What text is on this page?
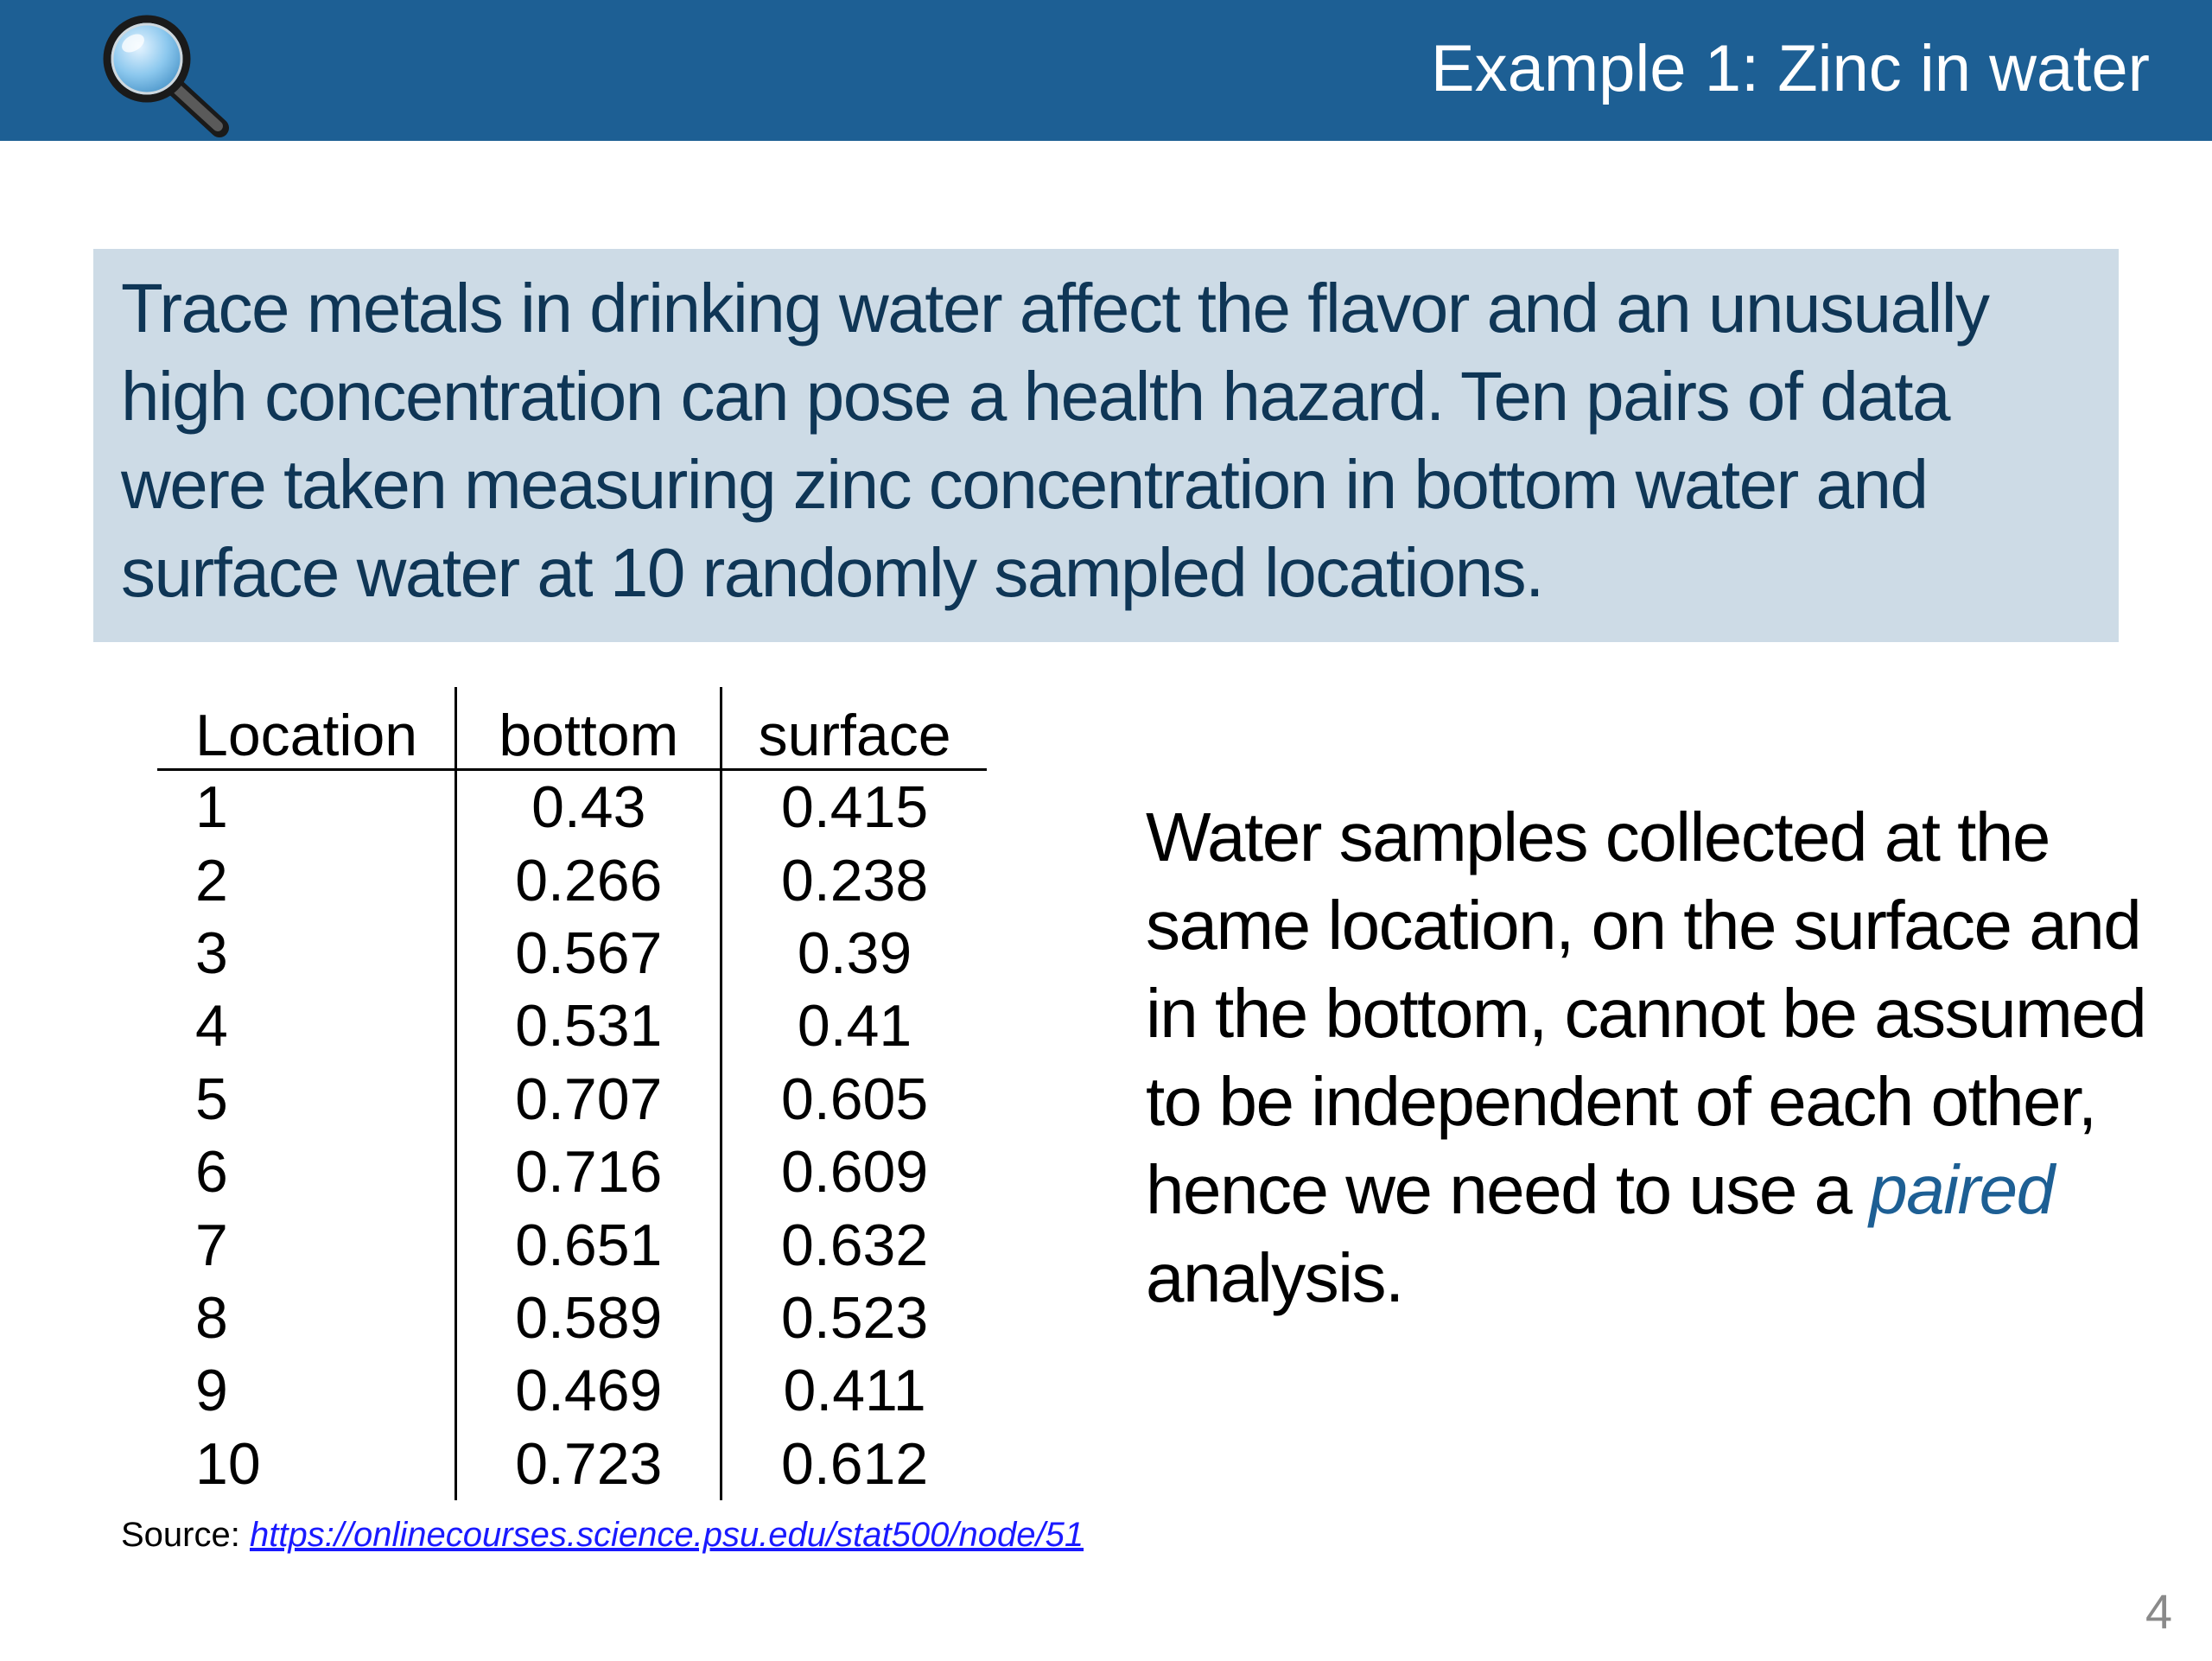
Example 1: Zinc in water

Trace metals in drinking water affect the flavor and an unusually high concentration can pose a health hazard. Ten pairs of data were taken measuring zinc concentration in bottom water and surface water at 10 randomly sampled locations.

Location	bottom	surface
1	0.43	0.415
2	0.266	0.238
3	0.567	0.39
4	0.531	0.41
5	0.707	0.605
6	0.716	0.609
7	0.651	0.632
8	0.589	0.523
9	0.469	0.411
10	0.723	0.612

Water samples collected at the same location, on the surface and in the bottom, cannot be assumed to be independent of each other, hence we need to use a paired analysis.

Source: https://onlinecourses.science.psu.edu/stat500/node/51
4
